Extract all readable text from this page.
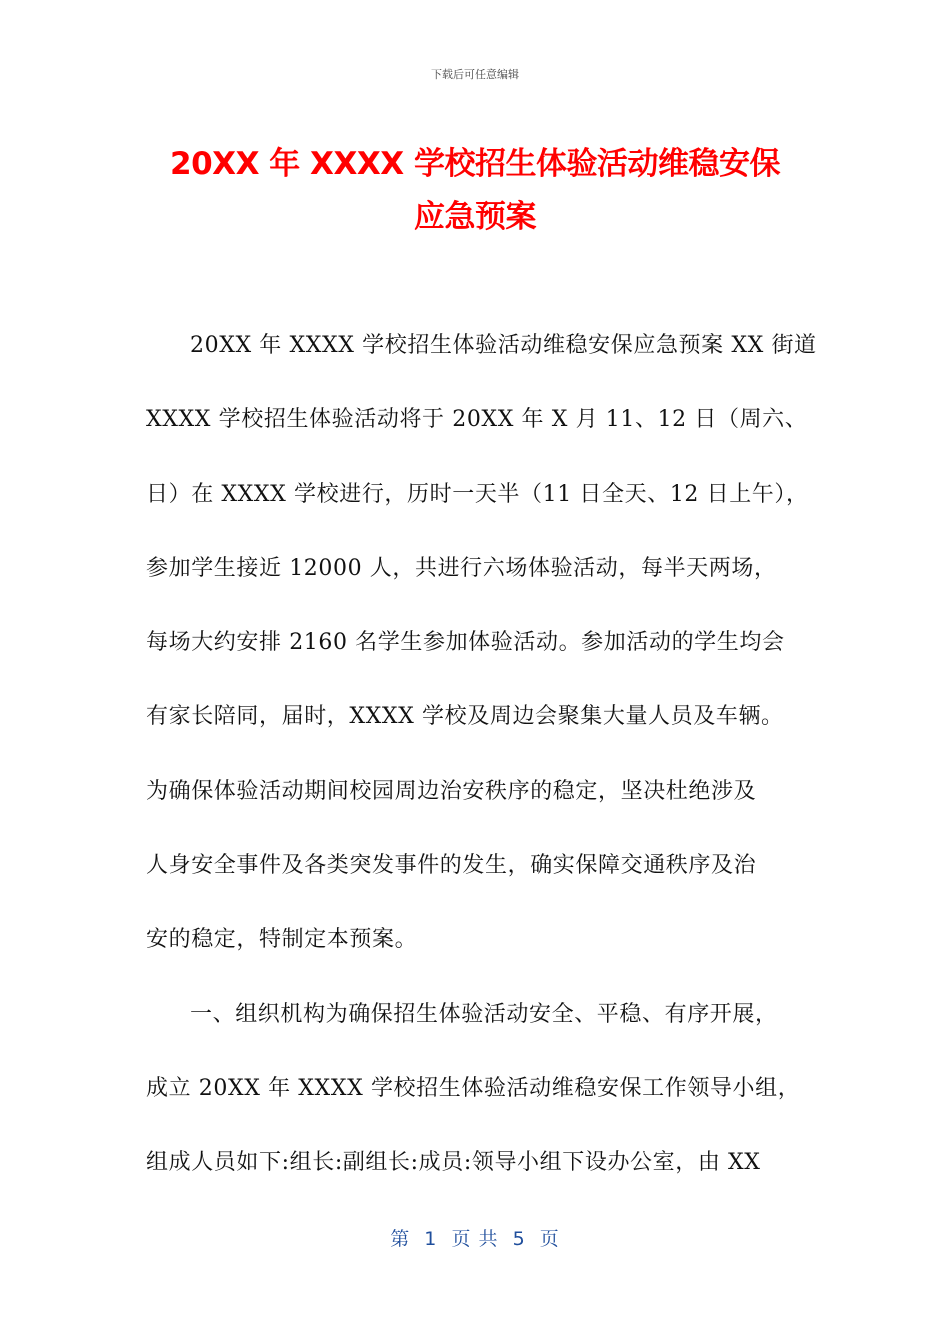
下载后可任意编辑
20XX 年 XXXX 学校招生体验活动维稳安保
应急预案
20XX 年 XXXX 学校招生体验活动维稳安保应急预案 XX 街道
XXXX 学校招生体验活动将于 20XX 年 X 月 11、12 日（周六、
日）在 XXXX 学校进行，历时一天半（11 日全天、12 日上午），
参加学生接近 12000 人，共进行六场体验活动，每半天两场，
每场大约安排 2160 名学生参加体验活动。参加活动的学生均会
有家长陪同，届时，XXXX 学校及周边会聚集大量人员及车辆。
为确保体验活动期间校园周边治安秩序的稳定，坚决杜绝涉及
人身安全事件及各类突发事件的发生，确实保障交通秩序及治
安的稳定，特制定本预案。
一、组织机构为确保招生体验活动安全、平稳、有序开展，
成立 20XX 年 XXXX 学校招生体验活动维稳安保工作领导小组，
组成人员如下:组长:副组长:成员:领导小组下设办公室，由 XX
第  1  页 共  5  页
